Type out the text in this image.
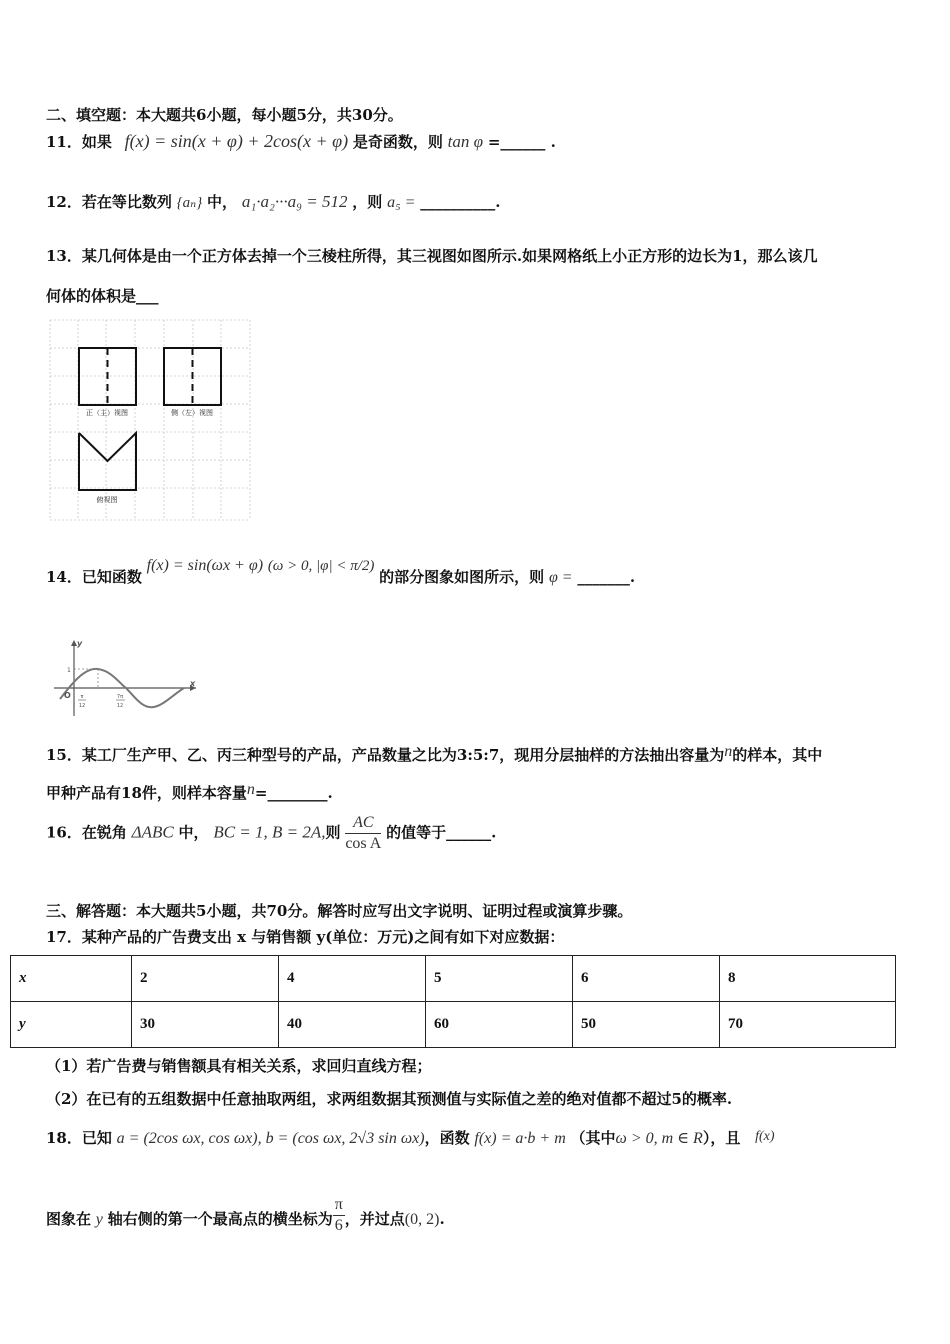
二、填空题：本大题共6小题，每小题5分，共30分。
11．如果 f(x) = sin(x + φ) + 2cos(x + φ) 是奇函数，则 tan φ =______ .
12．若在等比数列 {aₙ} 中， a₁·a₂···a₉ = 512 ，则 a₅ = __________.
13．某几何体是由一个正方体去掉一个三棱柱所得，其三视图如图所示.如果网格纸上小正方形的边长为1，那么该几
何体的体积是___
正（主）视图	侧（左）视图
俯视图
14．已知函数 f(x) = sin(ωx + φ) (ω > 0, |φ| < π/2) 的部分图象如图所示，则 φ = _______.
y
x
O
1
π
12
7π
12
15．某工厂生产甲、乙、丙三种型号的产品，产品数量之比为3:5:7，现用分层抽样的方法抽出容量为n的样本，其中
甲种产品有18件，则样本容量n=________.
16．在锐角 ΔABC 中， BC = 1, B = 2A,则 $\frac{AC}{\text{cos A}}$ 的值等于______.
三、解答题：本大题共5小题，共70分。解答时应写出文字说明、证明过程或演算步骤。
17．某种产品的广告费支出 x 与销售额 y(单位：万元)之间有如下对应数据：
x	2	4	5	6	8
y	30	40	60	50	70
（1）若广告费与销售额具有相关关系，求回归直线方程；
（2）在已有的五组数据中任意抽取两组，求两组数据其预测值与实际值之差的绝对值都不超过5的概率.
18．已知 a = (2cos ωx, cos ωx), b = (cos ωx, 2√3 sin ωx)，函数 f(x) = a·b + m （其中ω > 0, m ∈ R），且 f(x)
图象在 y 轴右侧的第一个最高点的横坐标为 $\frac{\pi}{6}$ ，并过点(0, 2).
